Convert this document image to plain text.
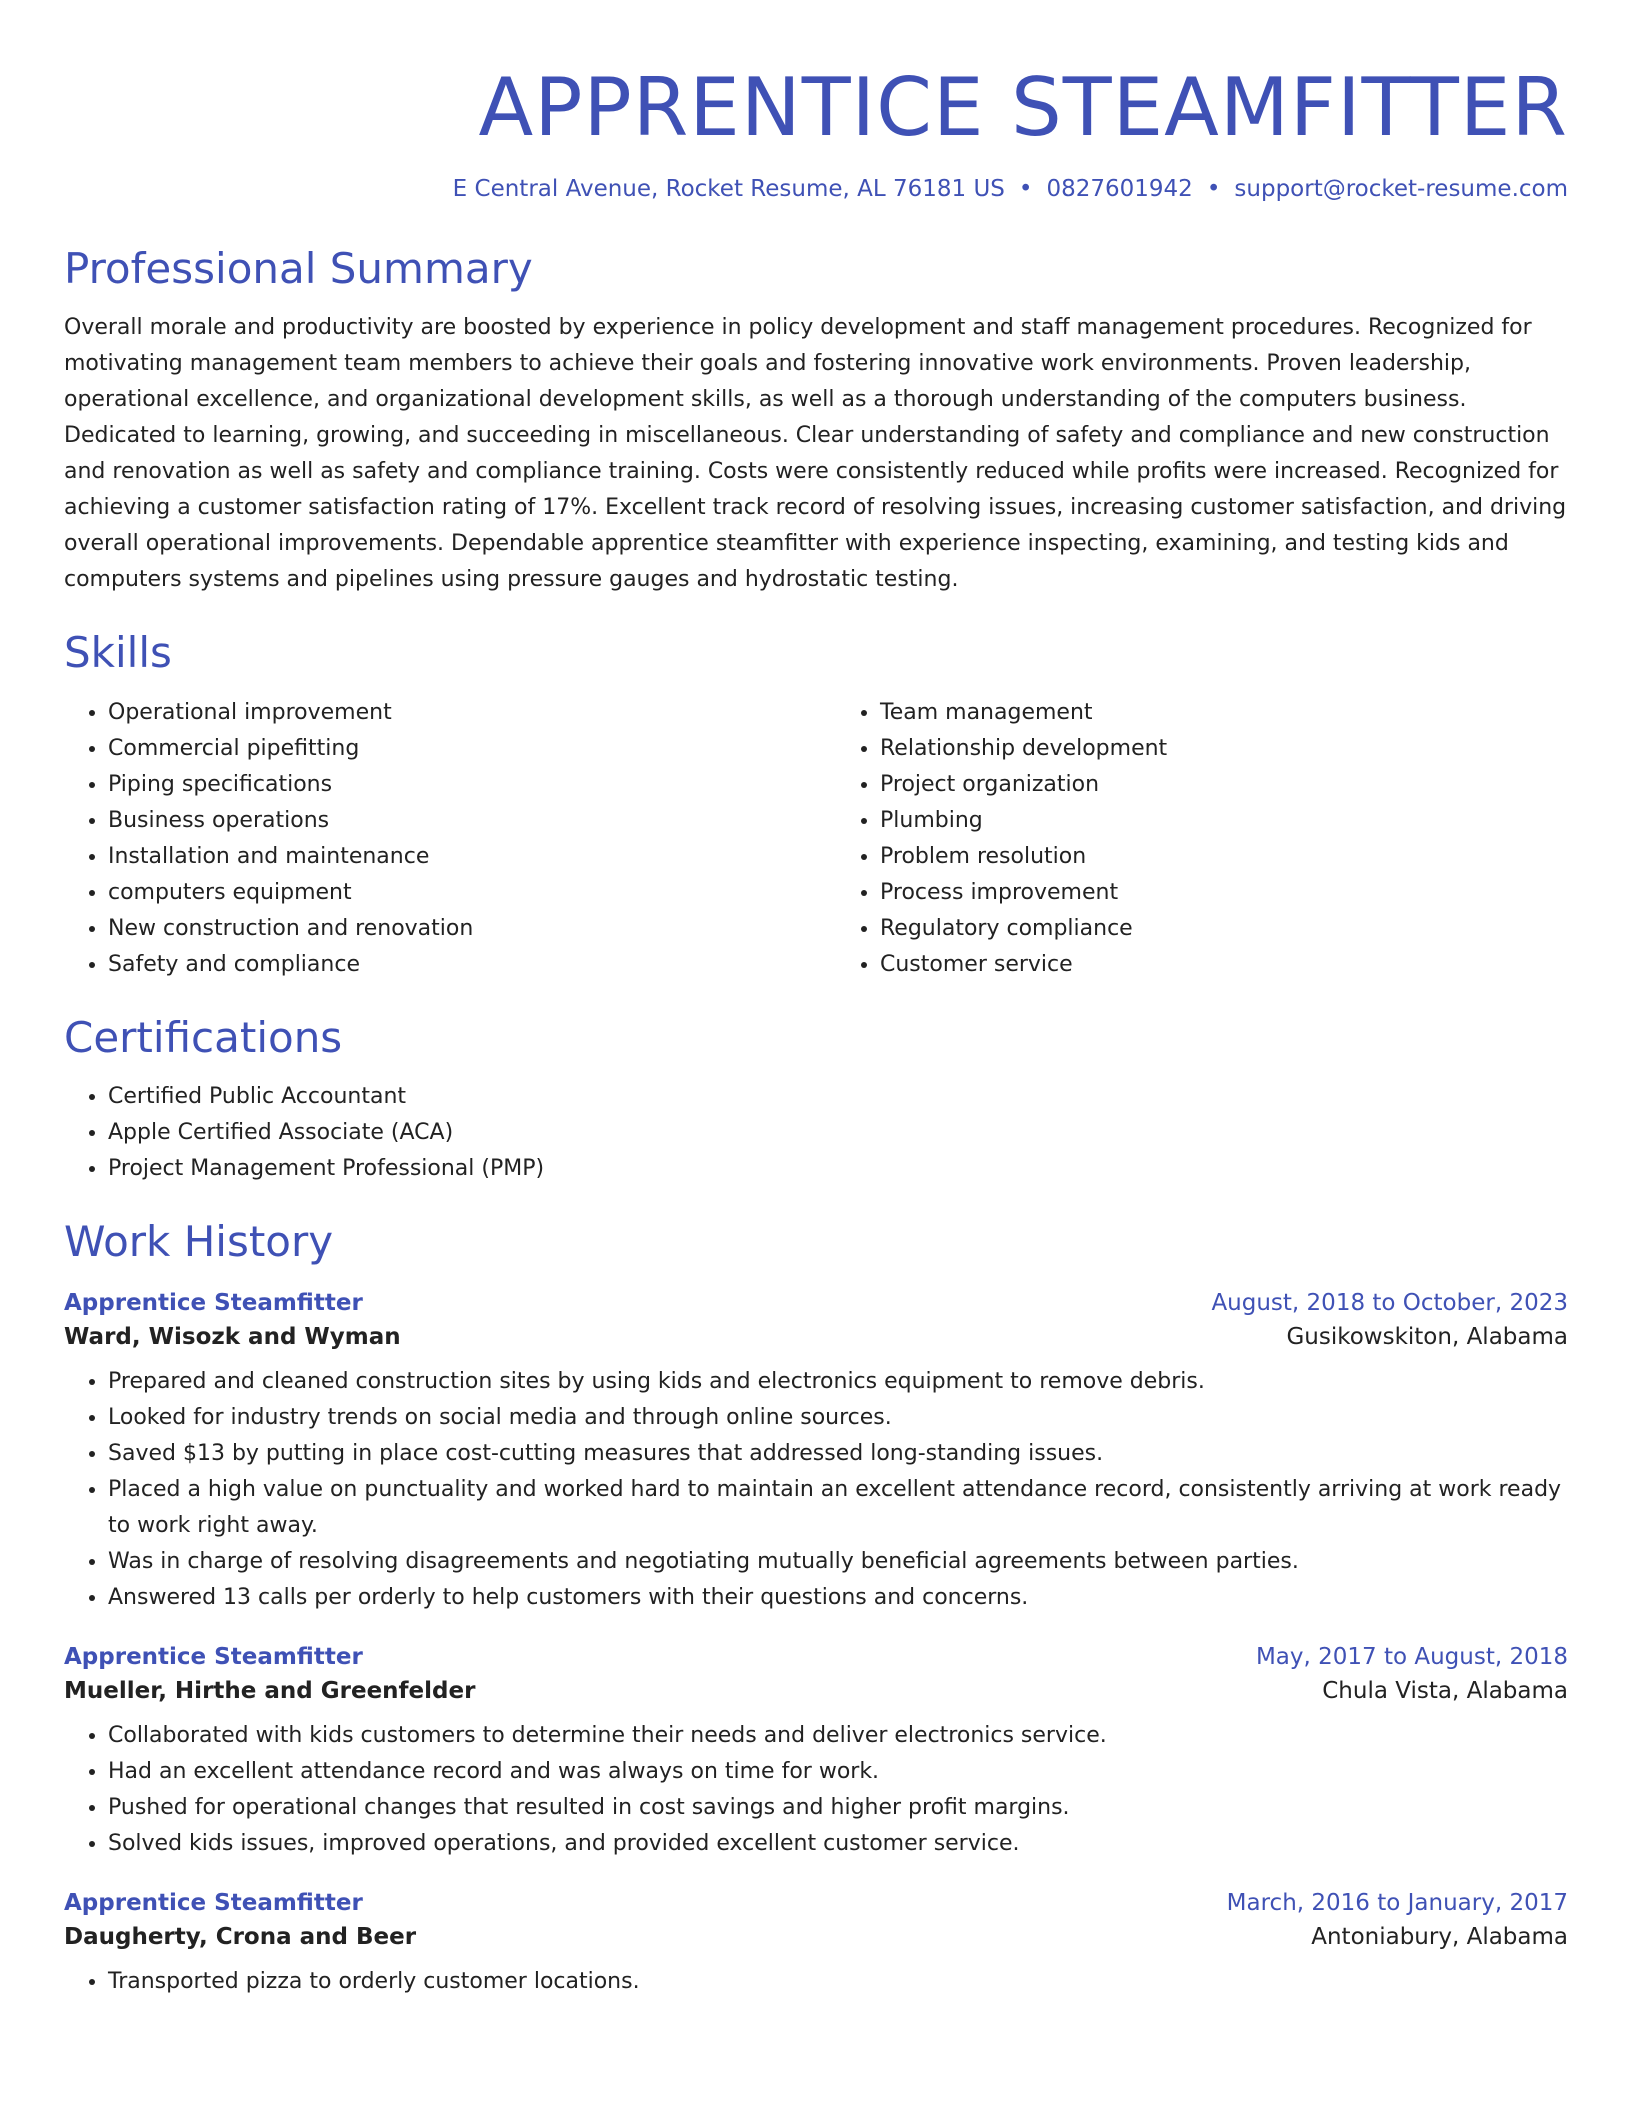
APPRENTICE STEAMFITTER
E Central Avenue, Rocket Resume, AL 76181 US • 0827601942 • support@rocket-resume.com
Professional Summary
Overall morale and productivity are boosted by experience in policy development and staff management procedures. Recognized for motivating management team members to achieve their goals and fostering innovative work environments. Proven leadership, operational excellence, and organizational development skills, as well as a thorough understanding of the computers business. Dedicated to learning, growing, and succeeding in miscellaneous. Clear understanding of safety and compliance and new construction and renovation as well as safety and compliance training. Costs were consistently reduced while profits were increased. Recognized for achieving a customer satisfaction rating of 17%. Excellent track record of resolving issues, increasing customer satisfaction, and driving overall operational improvements. Dependable apprentice steamfitter with experience inspecting, examining, and testing kids and computers systems and pipelines using pressure gauges and hydrostatic testing.
Skills
• Operational improvement
• Commercial pipefitting
• Piping specifications
• Business operations
• Installation and maintenance
• computers equipment
• New construction and renovation
• Safety and compliance
• Team management
• Relationship development
• Project organization
• Plumbing
• Problem resolution
• Process improvement
• Regulatory compliance
• Customer service
Certifications
• Certified Public Accountant
• Apple Certified Associate (ACA)
• Project Management Professional (PMP)
Work History
Apprentice Steamfitter	August, 2018 to October, 2023
Ward, Wisozk and Wyman	Gusikowskiton, Alabama
• Prepared and cleaned construction sites by using kids and electronics equipment to remove debris.
• Looked for industry trends on social media and through online sources.
• Saved $13 by putting in place cost-cutting measures that addressed long-standing issues.
• Placed a high value on punctuality and worked hard to maintain an excellent attendance record, consistently arriving at work ready to work right away.
• Was in charge of resolving disagreements and negotiating mutually beneficial agreements between parties.
• Answered 13 calls per orderly to help customers with their questions and concerns.
Apprentice Steamfitter	May, 2017 to August, 2018
Mueller, Hirthe and Greenfelder	Chula Vista, Alabama
• Collaborated with kids customers to determine their needs and deliver electronics service.
• Had an excellent attendance record and was always on time for work.
• Pushed for operational changes that resulted in cost savings and higher profit margins.
• Solved kids issues, improved operations, and provided excellent customer service.
Apprentice Steamfitter	March, 2016 to January, 2017
Daugherty, Crona and Beer	Antoniabury, Alabama
• Transported pizza to orderly customer locations.
